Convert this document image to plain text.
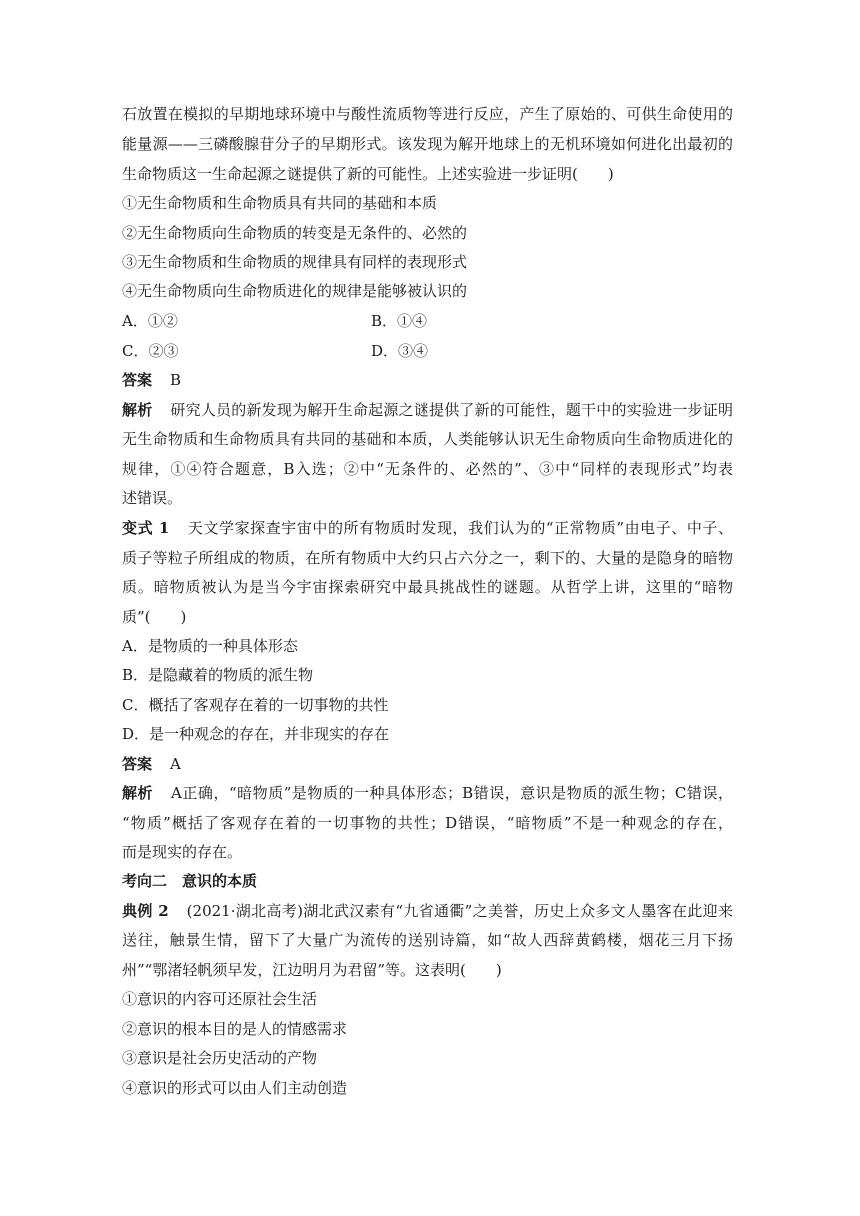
石放置在模拟的早期地球环境中与酸性流质物等进行反应，产生了原始的、可供生命使用的

能量源——三磷酸腺苷分子的早期形式。该发现为解开地球上的无机环境如何进化出最初的

生命物质这一生命起源之谜提供了新的可能性。上述实验进一步证明(　　)

①无生命物质和生命物质具有共同的基础和本质

②无生命物质向生命物质的转变是无条件的、必然的

③无生命物质和生命物质的规律具有同样的表现形式

④无生命物质向生命物质进化的规律是能够被认识的

A．①②	B．①④

C．②③	D．③④

答案 B

解析 研究人员的新发现为解开生命起源之谜提供了新的可能性，题干中的实验进一步证明

无生命物质和生命物质具有共同的基础和本质，人类能够认识无生命物质向生命物质进化的

规律，①④符合题意，B入选；②中“无条件的、必然的”、③中“同样的表现形式”均表

述错误。

变式 1 天文学家探查宇宙中的所有物质时发现，我们认为的“正常物质”由电子、中子、

质子等粒子所组成的物质，在所有物质中大约只占六分之一，剩下的、大量的是隐身的暗物

质。暗物质被认为是当今宇宙探索研究中最具挑战性的谜题。从哲学上讲，这里的“暗物

质”(　　)

A．是物质的一种具体形态

B．是隐藏着的物质的派生物

C．概括了客观存在着的一切事物的共性

D．是一种观念的存在，并非现实的存在

答案 A

解析 A正确，“暗物质”是物质的一种具体形态；B错误，意识是物质的派生物；C错误，

“物质”概括了客观存在着的一切事物的共性；D错误，“暗物质”不是一种观念的存在，

而是现实的存在。

考向二　意识的本质

典例 2 (2021·湖北高考)湖北武汉素有“九省通衢”之美誉，历史上众多文人墨客在此迎来

送往，触景生情，留下了大量广为流传的送别诗篇，如“故人西辞黄鹤楼，烟花三月下扬

州”“鄂渚轻帆须早发，江边明月为君留”等。这表明(　　)

①意识的内容可还原社会生活

②意识的根本目的是人的情感需求

③意识是社会历史活动的产物

④意识的形式可以由人们主动创造
